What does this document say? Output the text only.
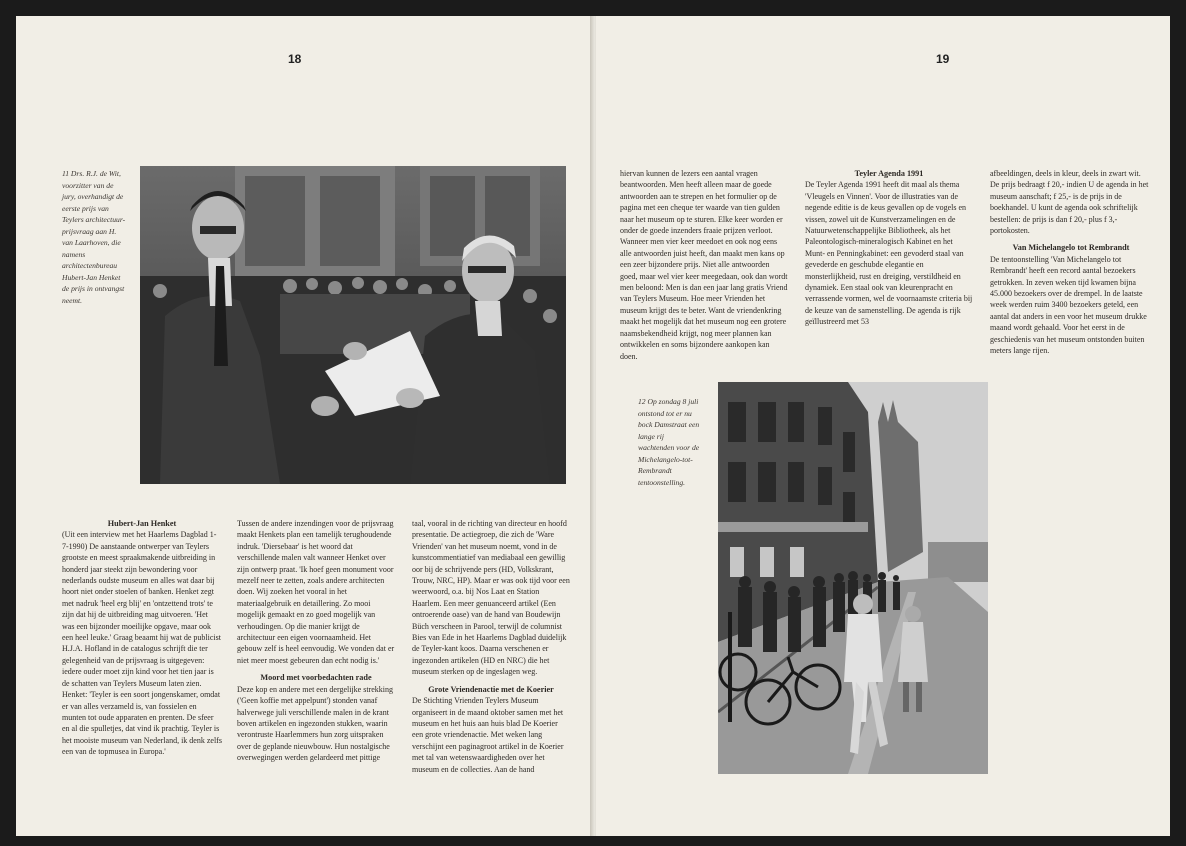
18
11 Drs. R.J. de Wit, voorzitter van de jury, overhandigt de eerste prijs van Teylers architectuur-prijsvraag aan H. van Laarhoven, die namens architectenbureau Hubert-Jan Henket de prijs in ontvangst neemt.
Hubert-Jan Henket

(Uit een interview met het Haarlems Dagblad 1-7-1990) De aanstaande ontwerper van Teylers grootste en meest spraakmakende uitbreiding in honderd jaar steekt zijn bewondering voor nederlands oudste museum en alles wat daar bij hoort niet onder stoelen of banken. Henket zegt met nadruk 'heel erg blij' en 'ontzettend trots' te zijn dat hij de uitbreiding mag uitvoeren. 'Het was een bijzonder moeilijke opgave, maar ook een heel leuke.' Graag beaamt hij wat de publicist H.J.A. Hofland in de catalogus schrijft die ter gelegenheid van de prijsvraag is uitgegeven: iedere ouder moet zijn kind voor het tien jaar is de schatten van Teylers Museum laten zien. Henket: 'Teyler is een soort jongenskamer, omdat er van alles verzameld is, van fossielen en munten tot oude apparaten en prenten. De sfeer en al die spulletjes, dat vind ik prachtig. Teyler is het mooiste museum van Nederland, ik denk zelfs een van de topmusea in Europa.'

Tussen de andere inzendingen voor de prijsvraag maakt Henkets plan een tamelijk terughoudende indruk. 'Diersebaar' is het woord dat verschillende malen valt wanneer Henket over zijn ontwerp praat. 'Ik hoef geen monument voor mezelf neer te zetten, zoals andere architecten doen. Wij zoeken het vooral in het materiaalgebruik en detaillering. Zo mooi mogelijk gemaakt en zo goed mogelijk van verhoudingen. Op die manier krijgt de architectuur een eigen voornaamheid. Het gebouw zelf is heel eenvoudig. We vonden dat er niet meer moest gebeuren dan echt nodig is.'

Moord met voorbedachten rade

Deze kop en andere met een dergelijke strekking ('Geen koffie met appelpunt') stonden vanaf halverwege juli verschillende malen in de krant boven artikelen en ingezonden stukken, waarin verontruste Haarlemmers hun zorg uitspraken over de geplande nieuwbouw. Hun nostalgische overwegingen werden gelardeerd met pittige

taal, vooral in de richting van directeur en hoofd presentatie. De actiegroep, die zich de 'Ware Vrienden' van het museum noemt, vond in de kunstcommentiatief van mediabaal een gewillig oor bij de schrijvende pers (HD, Volkskrant, Trouw, NRC, HP). Maar er was ook tijd voor een weerwoord, o.a. bij Nos Laat en Station Haarlem. Een meer genuanceerd artikel (Een ontroerende oase) van de hand van Boudewijn Büch verscheen in Parool, terwijl de columnist Bies van Ede in het Haarlems Dagblad duidelijk de Teyler-kant koos. Daarna verschenen er ingezonden artikelen (HD en NRC) die het museum sterken op de ingeslagen weg.

Grote Vriendenactie met de Koerier

De Stichting Vrienden Teylers Museum organiseert in de maand oktober samen met het museum en het huis aan huis blad De Koerier een grote vriendenactie. Met weken lang verschijnt een paginagroot artikel in de Koerier met tal van wetenswaardigheden over het museum en de collecties. Aan de hand

19

hiervan kunnen de lezers een aantal vragen beantwoorden. Men heeft alleen maar de goede antwoorden aan te strepen en het formulier op de pagina met een cheque ter waarde van tien gulden naar het museum op te sturen. Elke keer worden er onder de goede inzenders fraaie prijzen verloot. Wanneer men vier keer meedoet en ook nog eens alle antwoorden juist heeft, dan maakt men kans op een zeer bijzondere prijs. Niet alle antwoorden goed, maar wel vier keer meegedaan, ook dan wordt men beloond: Men is dan een jaar lang gratis Vriend van Teylers Museum. Hoe meer Vrienden het museum krijgt des te beter. Want de vriendenkring maakt het mogelijk dat het museum nog een grotere naamsbekendheid krijgt, nog meer plannen kan ontwikkelen en soms bijzondere aankopen kan doen.

Teyler Agenda 1991

De Teyler Agenda 1991 heeft dit maal als thema 'Vleugels en Vinnen'. Voor de illustraties van de negende editie is de keus gevallen op de vogels en vissen, zowel uit de Kunstverzamelingen en de Natuurwetenschappelijke Bibliotheek, als het Paleontologisch-mineralogisch Kabinet en het Munt- en Penningkabinet: een gevoderd staal van gevederde en geschubde elegantie en monsterlijkheid, rust en dreiging, verstildheid en dynamiek. Een staal ook van kleurenpracht en verrassende vormen, wel de voornaamste criteria bij de keuze van de samenstelling. De agenda is rijk geïllustreerd met 53

afbeeldingen, deels in kleur, deels in zwart wit. De prijs bedraagt f 20,- indien U de agenda in het museum aanschaft; f 25,- is de prijs in de boekhandel. U kunt de agenda ook schriftelijk bestellen: de prijs is dan f 20,- plus f 3,- portokosten.

Van Michelangelo tot Rembrandt

De tentoonstelling 'Van Michelangelo tot Rembrandt' heeft een record aantal bezoekers getrokken. In zeven weken tijd kwamen bijna 45.000 bezoekers over de drempel. In de laatste week werden ruim 3400 bezoekers geteld, een aantal dat anders in een voor het museum drukke maand wordt gehaald. Voor het eerst in de geschiedenis van het museum ontstonden buiten meters lange rijen.

12 Op zondag 8 juli ontstond tot er nu bock Damstraat een lange rij wachtenden voor de Michelangelo-tot-Rembrandt tentoonstelling.
